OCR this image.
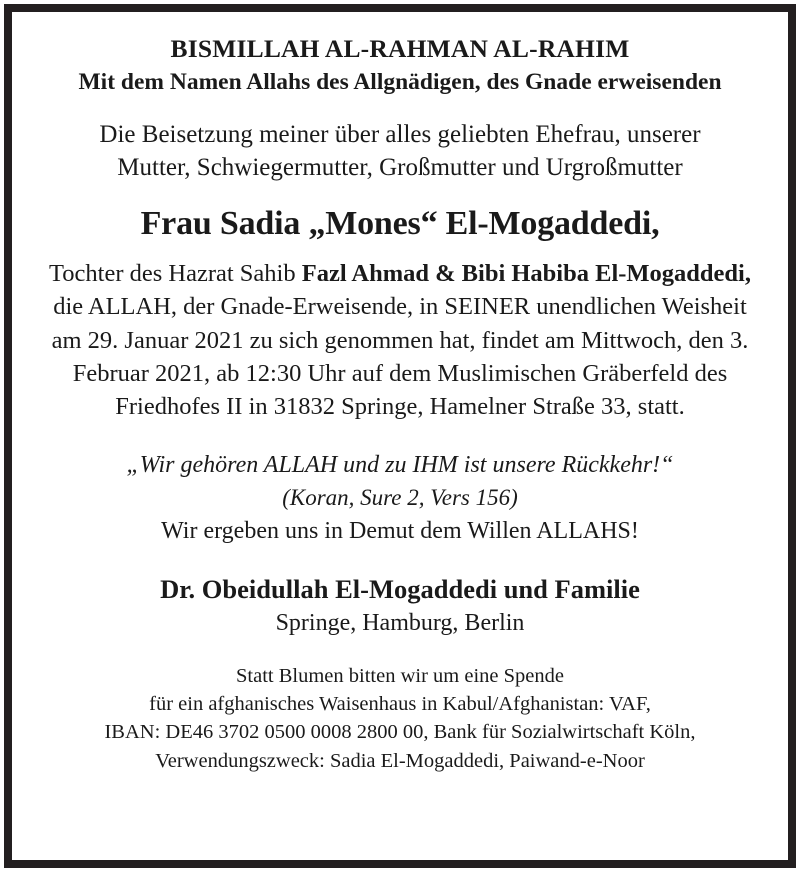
BISMILLAH AL-RAHMAN AL-RAHIM
Mit dem Namen Allahs des Allgnädigen, des Gnade erweisenden
Die Beisetzung meiner über alles geliebten Ehefrau, unserer
Mutter, Schwiegermutter, Großmutter und Urgroßmutter
Frau Sadia „Mones“ El-Mogaddedi,

Tochter des Hazrat Sahib Fazl Ahmad & Bibi Habiba El-Mogaddedi, die ALLAH, der Gnade-Erweisende, in SEINER unendlichen Weisheit am 29. Januar 2021 zu sich genommen hat, findet am Mittwoch, den 3. Februar 2021, ab 12:30 Uhr auf dem Muslimischen Gräberfeld des Friedhofes II in 31832 Springe, Hamelner Straße 33, statt.

„Wir gehören ALLAH und zu IHM ist unsere Rückkehr!“
(Koran, Sure 2, Vers 156)
Wir ergeben uns in Demut dem Willen ALLAHS!
Dr. Obeidullah El-Mogaddedi und Familie
Springe, Hamburg, Berlin
Statt Blumen bitten wir um eine Spende
für ein afghanisches Waisenhaus in Kabul/Afghanistan: VAF,
IBAN: DE46 3702 0500 0008 2800 00, Bank für Sozialwirtschaft Köln,
Verwendungszweck: Sadia El-Mogaddedi, Paiwand-e-Noor
